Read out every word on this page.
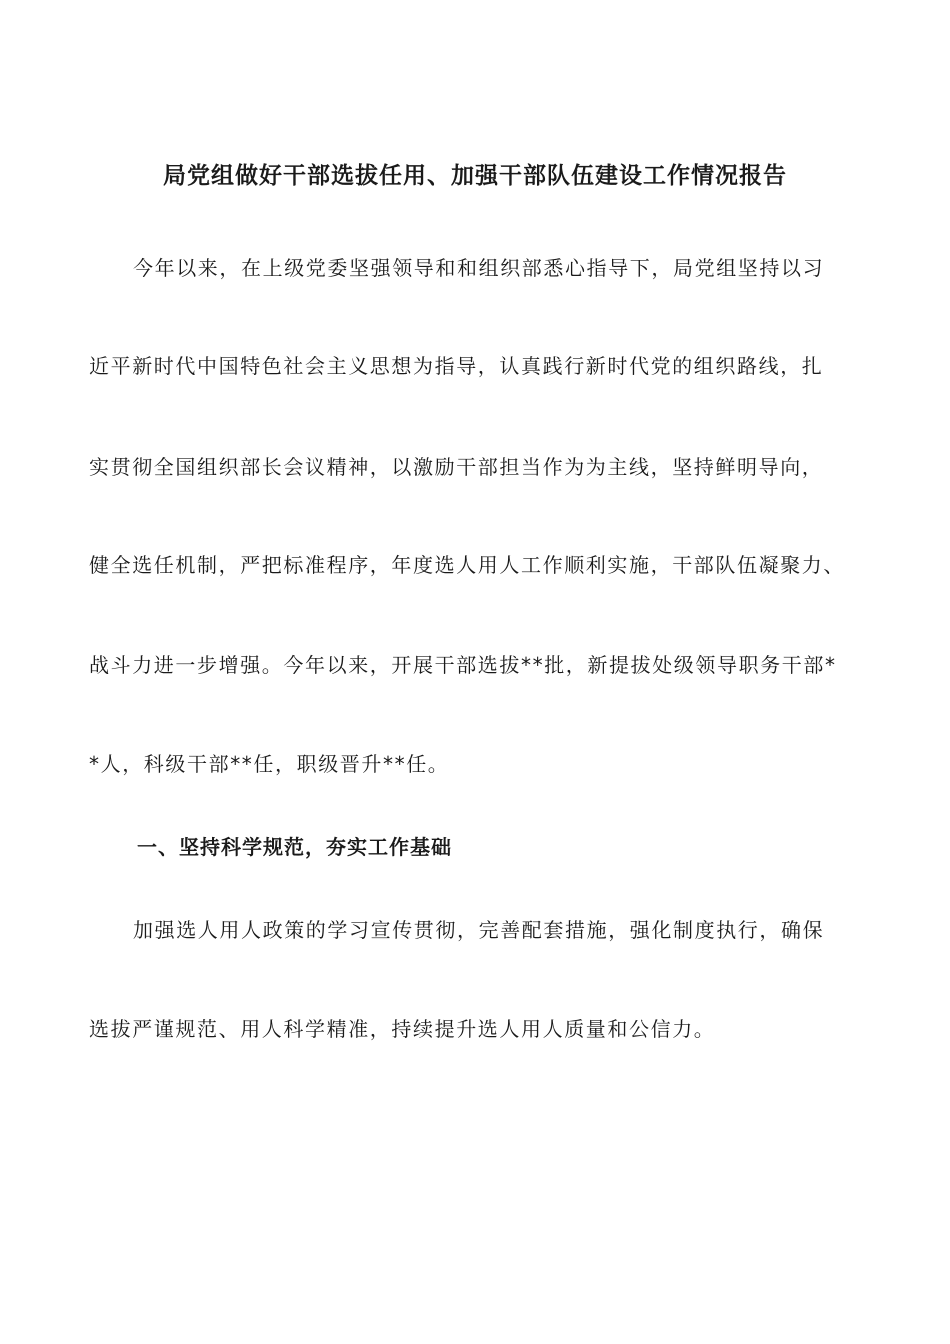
局党组做好干部选拔任用、加强干部队伍建设工作情况报告
今年以来，在上级党委坚强领导和和组织部悉心指导下，局党组坚持以习
近平新时代中国特色社会主义思想为指导，认真践行新时代党的组织路线，扎
实贯彻全国组织部长会议精神，以激励干部担当作为为主线，坚持鲜明导向，
健全选任机制，严把标准程序，年度选人用人工作顺利实施，干部队伍凝聚力、
战斗力进一步增强。今年以来，开展干部选拔**批，新提拔处级领导职务干部*
*人，科级干部**任，职级晋升**任。
一、坚持科学规范，夯实工作基础
加强选人用人政策的学习宣传贯彻，完善配套措施，强化制度执行，确保
选拔严谨规范、用人科学精准，持续提升选人用人质量和公信力。
